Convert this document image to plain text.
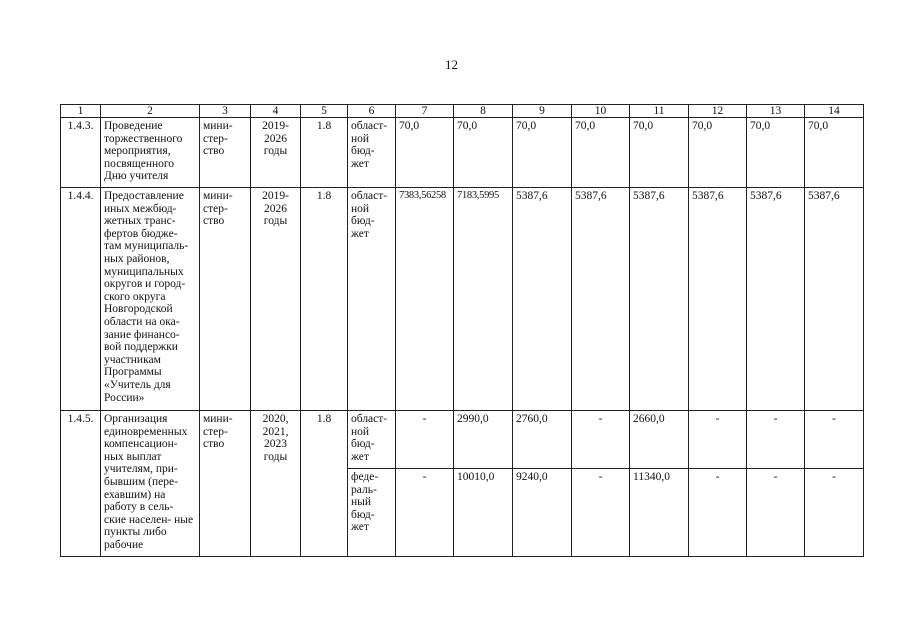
12
1	2	3	4	5	6	7	8	9	10	11	12	13	14
1.4.3.	Проведение торжественного мероприятия, посвященного Дню учителя	мини- стер- ство	2019- 2026 годы	1.8	област- ной бюд- жет	70,0	70,0	70,0	70,0	70,0	70,0	70,0	70,0
1.4.4.	Предоставление иных межбюд- жетных транс- фертов бюдже- там муниципаль- ных районов, муниципальных округов и город- ского округа Новгородской области на ока- зание финансо- вой поддержки участникам Программы «Учитель для России»	мини- стер- ство	2019- 2026 годы	1.8	област- ной бюд- жет	7383,56258	7183,5995	5387,6	5387,6	5387,6	5387,6	5387,6	5387,6
1.4.5.	Организация единовременных компенсацион- ных выплат учителям, при- бывшим (пере- ехавшим) на работу в сель- ские населен- ные пункты либо рабочие	мини- стер- ство	2020, 2021, 2023 годы	1.8	област- ной бюд- жет	-	2990,0	2760,0	-	2660,0	-	-	-
					феде- раль- ный бюд- жет	-	10010,0	9240,0	-	11340,0	-	-	-
